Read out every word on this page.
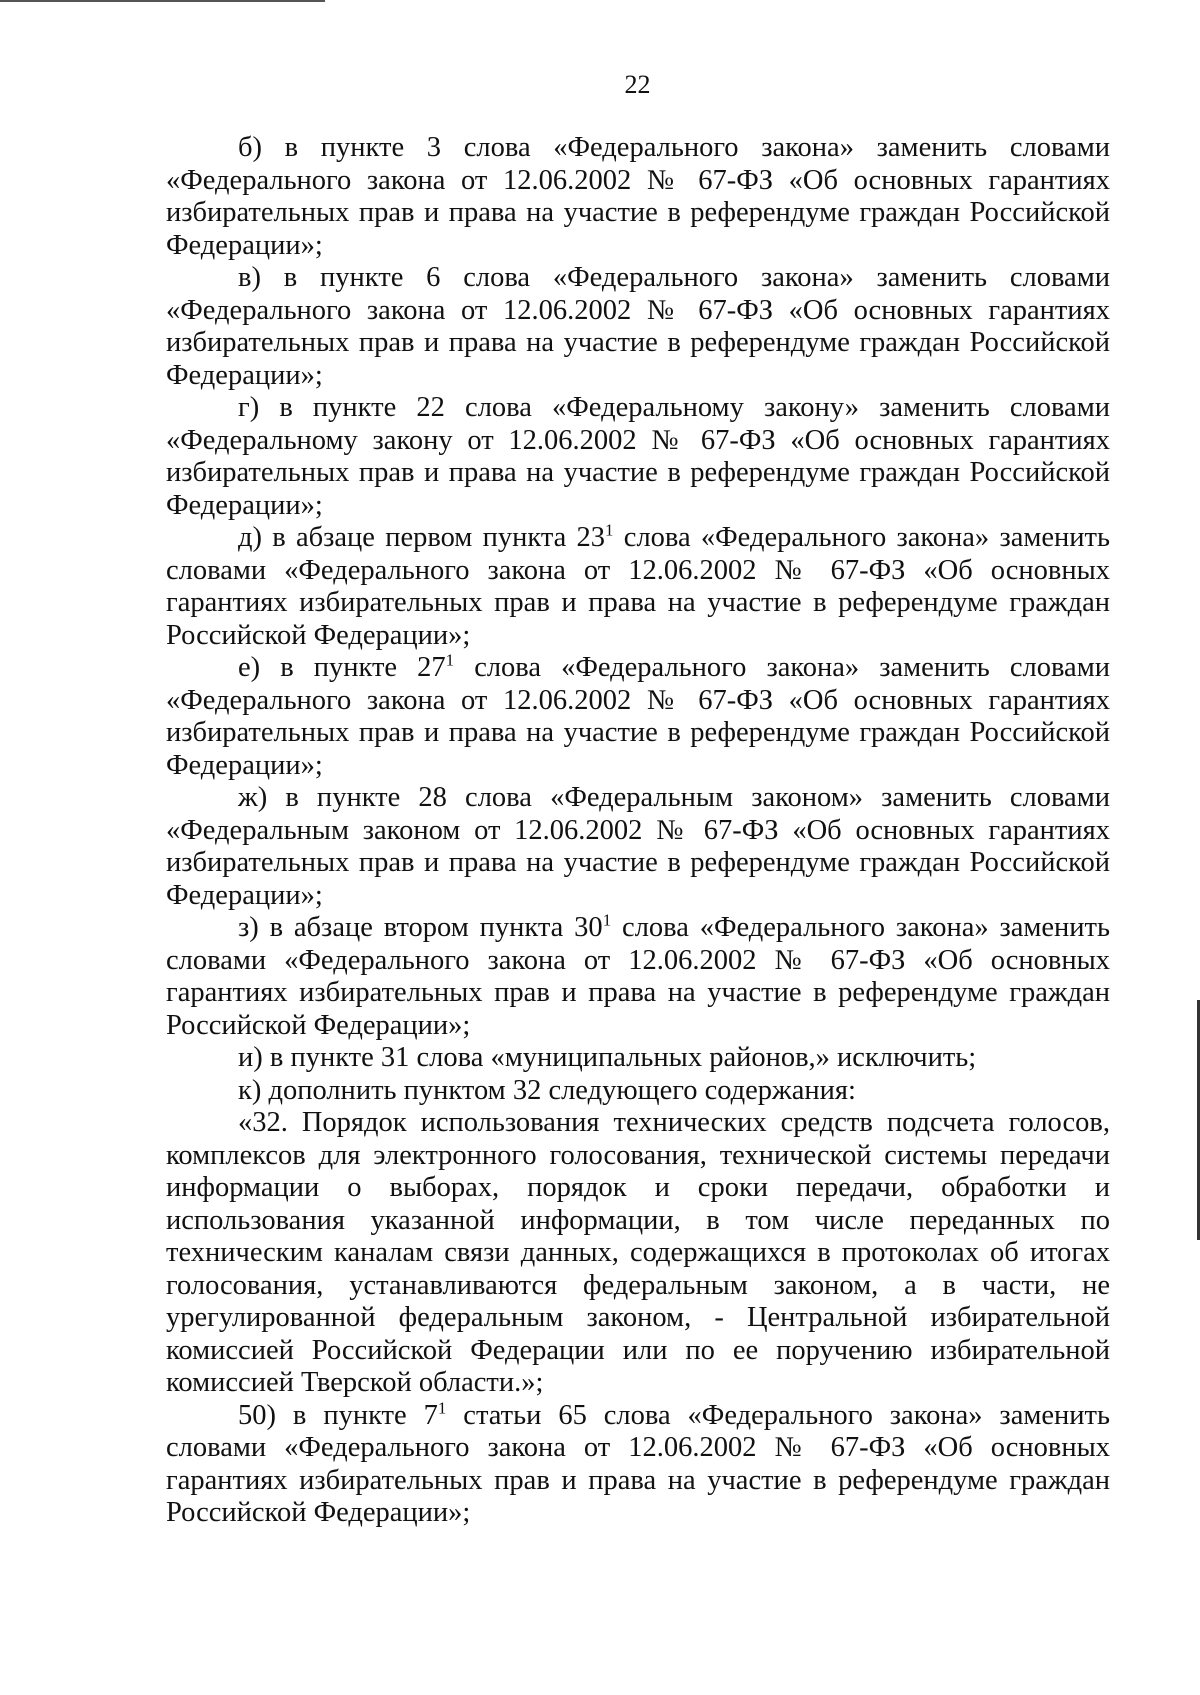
22

б) в пункте 3 слова «Федерального закона» заменить словами «Федерального закона от 12.06.2002 № 67-ФЗ «Об основных гарантиях избирательных прав и права на участие в референдуме граждан Российской Федерации»;

в) в пункте 6 слова «Федерального закона» заменить словами «Федерального закона от 12.06.2002 № 67-ФЗ «Об основных гарантиях избирательных прав и права на участие в референдуме граждан Российской Федерации»;

г) в пункте 22 слова «Федеральному закону» заменить словами «Федеральному закону от 12.06.2002 № 67-ФЗ «Об основных гарантиях избирательных прав и права на участие в референдуме граждан Российской Федерации»;

д) в абзаце первом пункта $23^1$ слова «Федерального закона» заменить словами «Федерального закона от 12.06.2002 № 67-ФЗ «Об основных гарантиях избирательных прав и права на участие в референдуме граждан Российской Федерации»;

е) в пункте $27^1$ слова «Федерального закона» заменить словами «Федерального закона от 12.06.2002 № 67-ФЗ «Об основных гарантиях избирательных прав и права на участие в референдуме граждан Российской Федерации»;

ж) в пункте 28 слова «Федеральным законом» заменить словами «Федеральным законом от 12.06.2002 № 67-ФЗ «Об основных гарантиях избирательных прав и права на участие в референдуме граждан Российской Федерации»;

з) в абзаце втором пункта $30^1$ слова «Федерального закона» заменить словами «Федерального закона от 12.06.2002 № 67-ФЗ «Об основных гарантиях избирательных прав и права на участие в референдуме граждан Российской Федерации»;

и) в пункте 31 слова «муниципальных районов,» исключить;

к) дополнить пунктом 32 следующего содержания:

«32. Порядок использования технических средств подсчета голосов, комплексов для электронного голосования, технической системы передачи информации о выборах, порядок и сроки передачи, обработки и использования указанной информации, в том числе переданных по техническим каналам связи данных, содержащихся в протоколах об итогах голосования, устанавливаются федеральным законом, а в части, не урегулированной федеральным законом, - Центральной избирательной комиссией Российской Федерации или по ее поручению избирательной комиссией Тверской области.»;

50) в пункте $7^1$ статьи 65 слова «Федерального закона» заменить словами «Федерального закона от 12.06.2002 № 67-ФЗ «Об основных гарантиях избирательных прав и права на участие в референдуме граждан Российской Федерации»;
